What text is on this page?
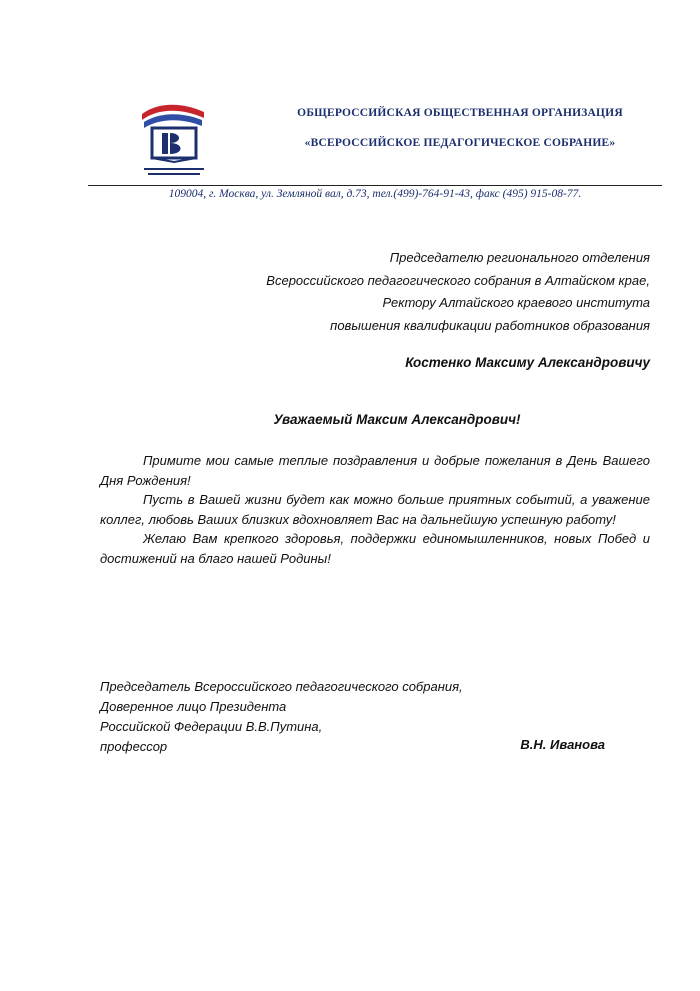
ОБЩЕРОССИЙСКАЯ ОБЩЕСТВЕННАЯ ОРГАНИЗАЦИЯ
«ВСЕРОССИЙСКОЕ ПЕДАГОГИЧЕСКОЕ СОБРАНИЕ»
109004, г. Москва, ул. Земляной вал, д.73, тел.(499)-764-91-43, факс (495) 915-08-77.
Председателю регионального отделения
Всероссийского педагогического собрания в Алтайском крае,
Ректору Алтайского краевого института
повышения квалификации работников образования
Костенко Максиму Александровичу
Уважаемый Максим Александрович!

Примите мои самые теплые поздравления и добрые пожелания в День Вашего Дня Рождения!

Пусть в Вашей жизни будет как можно больше приятных событий, а уважение коллег, любовь Ваших близких вдохновляет Вас на дальнейшую успешную работу!

Желаю Вам крепкого здоровья, поддержки единомышленников, новых Побед и достижений на благо нашей Родины!

Председатель Всероссийского педагогического собрания,
Доверенное лицо Президента
Российской Федерации В.В.Путина,
профессор	В.Н. Иванова
